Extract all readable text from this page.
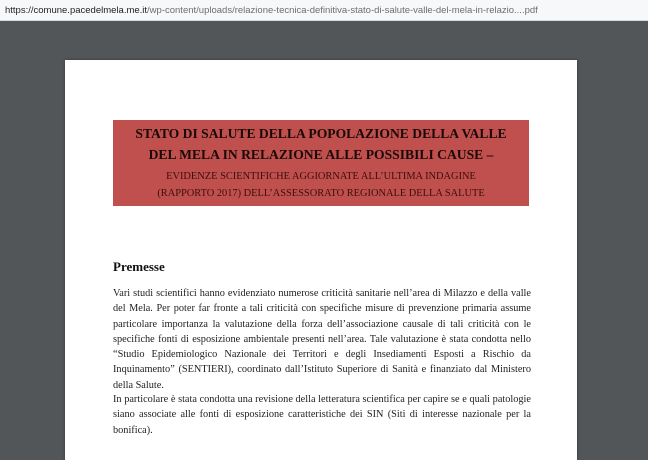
https://comune.pacedelmela.me.it/wp-content/uploads/relazione-tecnica-definitiva-stato-di-salute-valle-del-mela-in-relazio....pdf
STATO DI SALUTE DELLA POPOLAZIONE DELLA VALLE
DEL MELA IN RELAZIONE ALLE POSSIBILI CAUSE –
EVIDENZE SCIENTIFICHE AGGIORNATE ALL’ULTIMA INDAGINE
(RAPPORTO 2017) DELL’ASSESSORATO REGIONALE DELLA SALUTE
Premesse
Vari studi scientifici hanno evidenziato numerose criticità sanitarie nell’area di Milazzo e della valle del Mela. Per poter far fronte a tali criticità con specifiche misure di prevenzione primaria assume particolare importanza la valutazione della forza dell’associazione causale di tali criticità con le specifiche fonti di esposizione ambientale presenti nell’area. Tale valutazione è stata condotta nello “Studio Epidemiologico Nazionale dei Territori e degli Insediamenti Esposti a Rischio da Inquinamento” (SENTIERI), coordinato dall’Istituto Superiore di Sanità e finanziato dal Ministero della Salute.
In particolare è stata condotta una revisione della letteratura scientifica per capire se e quali patologie siano associate alle fonti di esposizione caratteristiche dei SIN (Siti di interesse nazionale per la bonifica).
